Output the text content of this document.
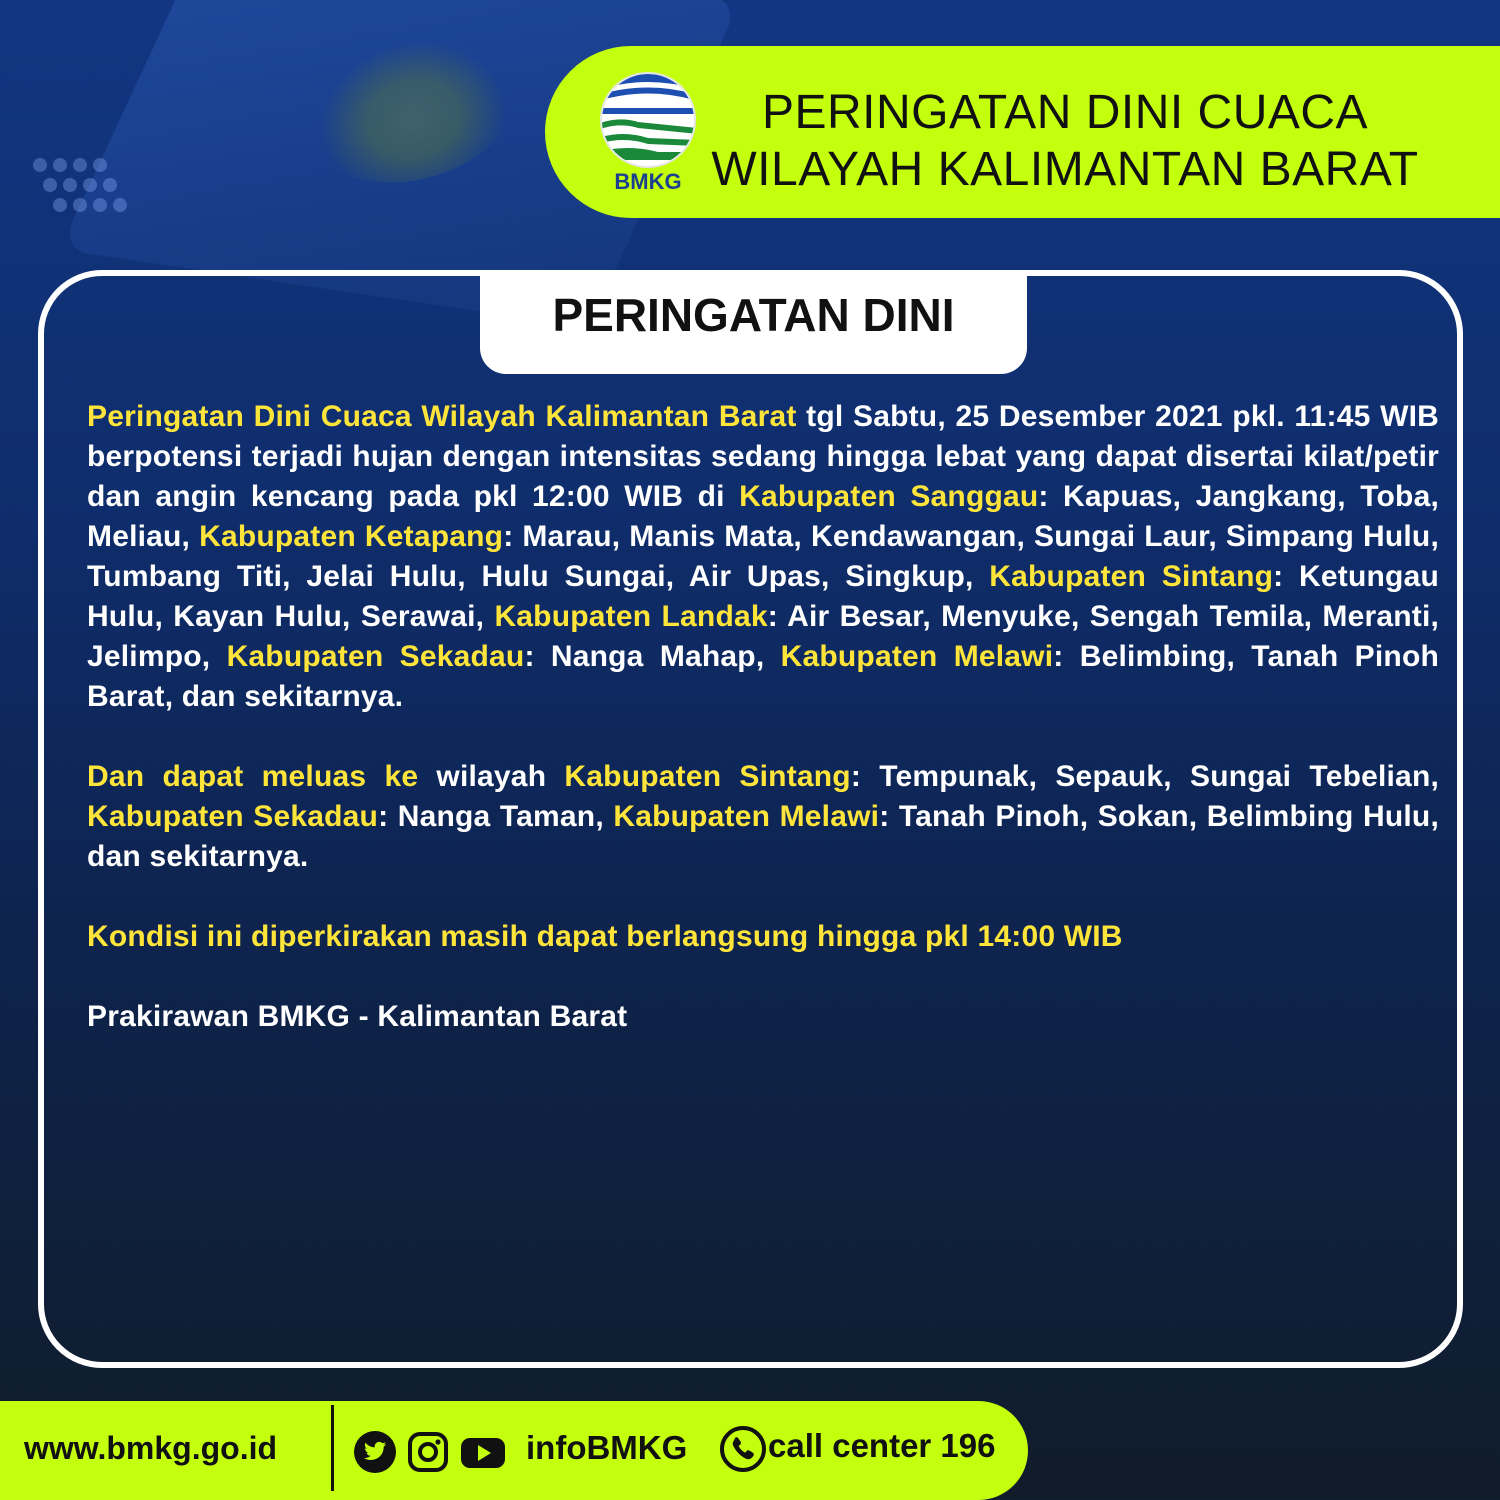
BMKG
PERINGATAN DINI CUACA
WILAYAH KALIMANTAN BARAT
PERINGATAN DINI

Peringatan Dini Cuaca Wilayah Kalimantan Barat tgl Sabtu, 25 Desember 2021 pkl. 11:45 WIB berpotensi terjadi hujan dengan intensitas sedang hingga lebat yang dapat disertai kilat/petir dan angin kencang pada pkl 12:00 WIB di Kabupaten Sanggau: Kapuas, Jangkang, Toba, Meliau, Kabupaten Ketapang: Marau, Manis Mata, Kendawangan, Sungai Laur, Simpang Hulu, Tumbang Titi, Jelai Hulu, Hulu Sungai, Air Upas, Singkup, Kabupaten Sintang: Ketungau Hulu, Kayan Hulu, Serawai, Kabupaten Landak: Air Besar, Menyuke, Sengah Temila, Meranti, Jelimpo, Kabupaten Sekadau: Nanga Mahap, Kabupaten Melawi: Belimbing, Tanah Pinoh Barat, dan sekitarnya.

Dan dapat meluas ke wilayah Kabupaten Sintang: Tempunak, Sepauk, Sungai Tebelian, Kabupaten Sekadau: Nanga Taman, Kabupaten Melawi: Tanah Pinoh, Sokan, Belimbing Hulu, dan sekitarnya.

Kondisi ini diperkirakan masih dapat berlangsung hingga pkl 14:00 WIB

Prakirawan BMKG - Kalimantan Barat

www.bmkg.go.id	infoBMKG call center 196
